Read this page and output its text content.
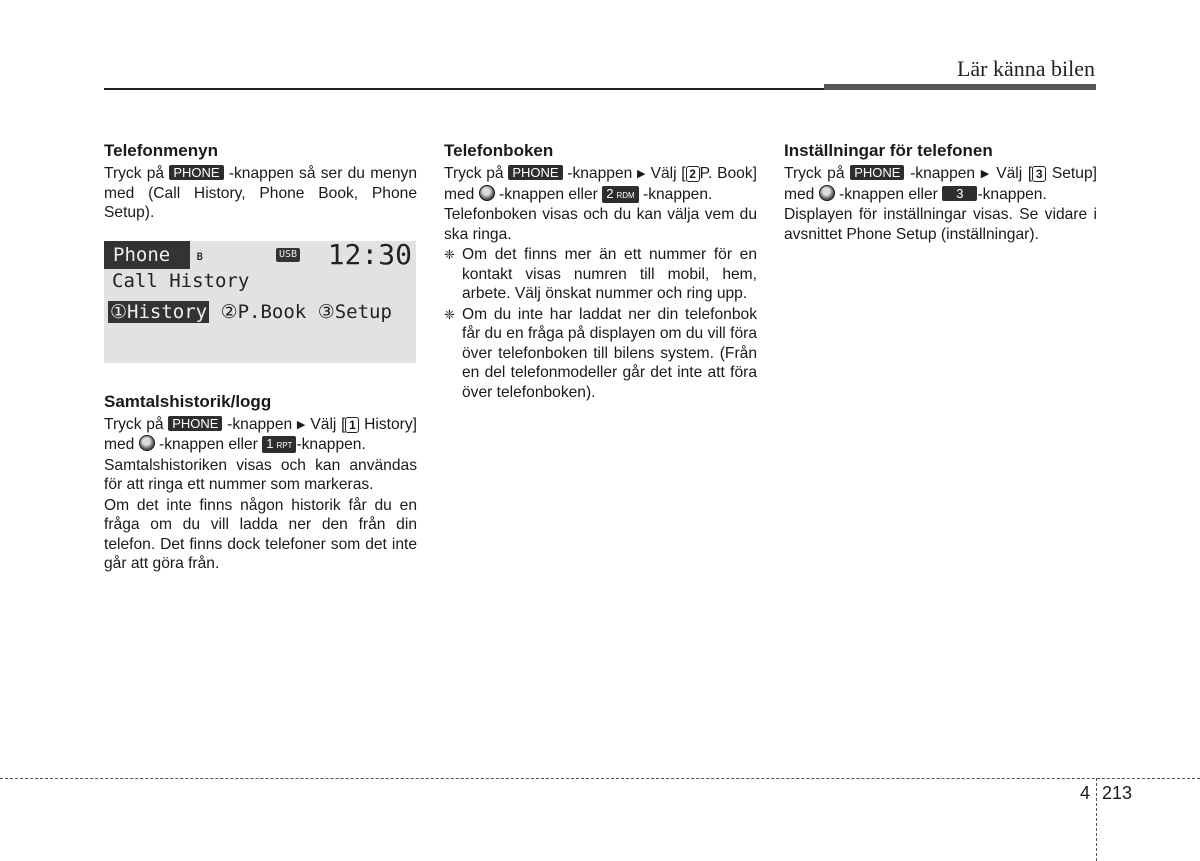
Lär känna bilen
Telefonmenyn

Tryck på PHONE -knappen så ser du menyn med (Call History, Phone Book, Phone Setup).

Phone	ʙ	USB 12:30
Call History
①History ②P.Book ③Setup
Samtalshistorik/logg

Tryck på PHONE -knappen ▶ Välj [ 1 History] med -knappen eller 1 RPT -knappen.

Samtalshistoriken visas och kan användas för att ringa ett nummer som markeras.

Om det inte finns någon historik får du en fråga om du vill ladda ner den från din telefon. Det finns dock telefoner som det inte går att göra från.

Telefonboken

Tryck på PHONE -knappen ▶ Välj [ 2 P. Book] med -knappen eller 2 RDM -knappen.

Telefonboken visas och du kan välja vem du ska ringa.

❈ Om det finns mer än ett nummer för en kontakt visas numren till mobil, hem, arbete. Välj önskat nummer och ring upp.
❈ Om du inte har laddat ner din telefonbok får du en fråga på displayen om du vill föra över telefonboken till bilens system. (Från en del telefonmodeller går det inte att föra över telefonboken).
Inställningar för telefonen

Tryck på PHONE -knappen ▶ Välj [ 3 Setup] med -knappen eller 3 -knappen.

Displayen för inställningar visas. Se vidare i avsnittet Phone Setup (inställningar).

4 213
